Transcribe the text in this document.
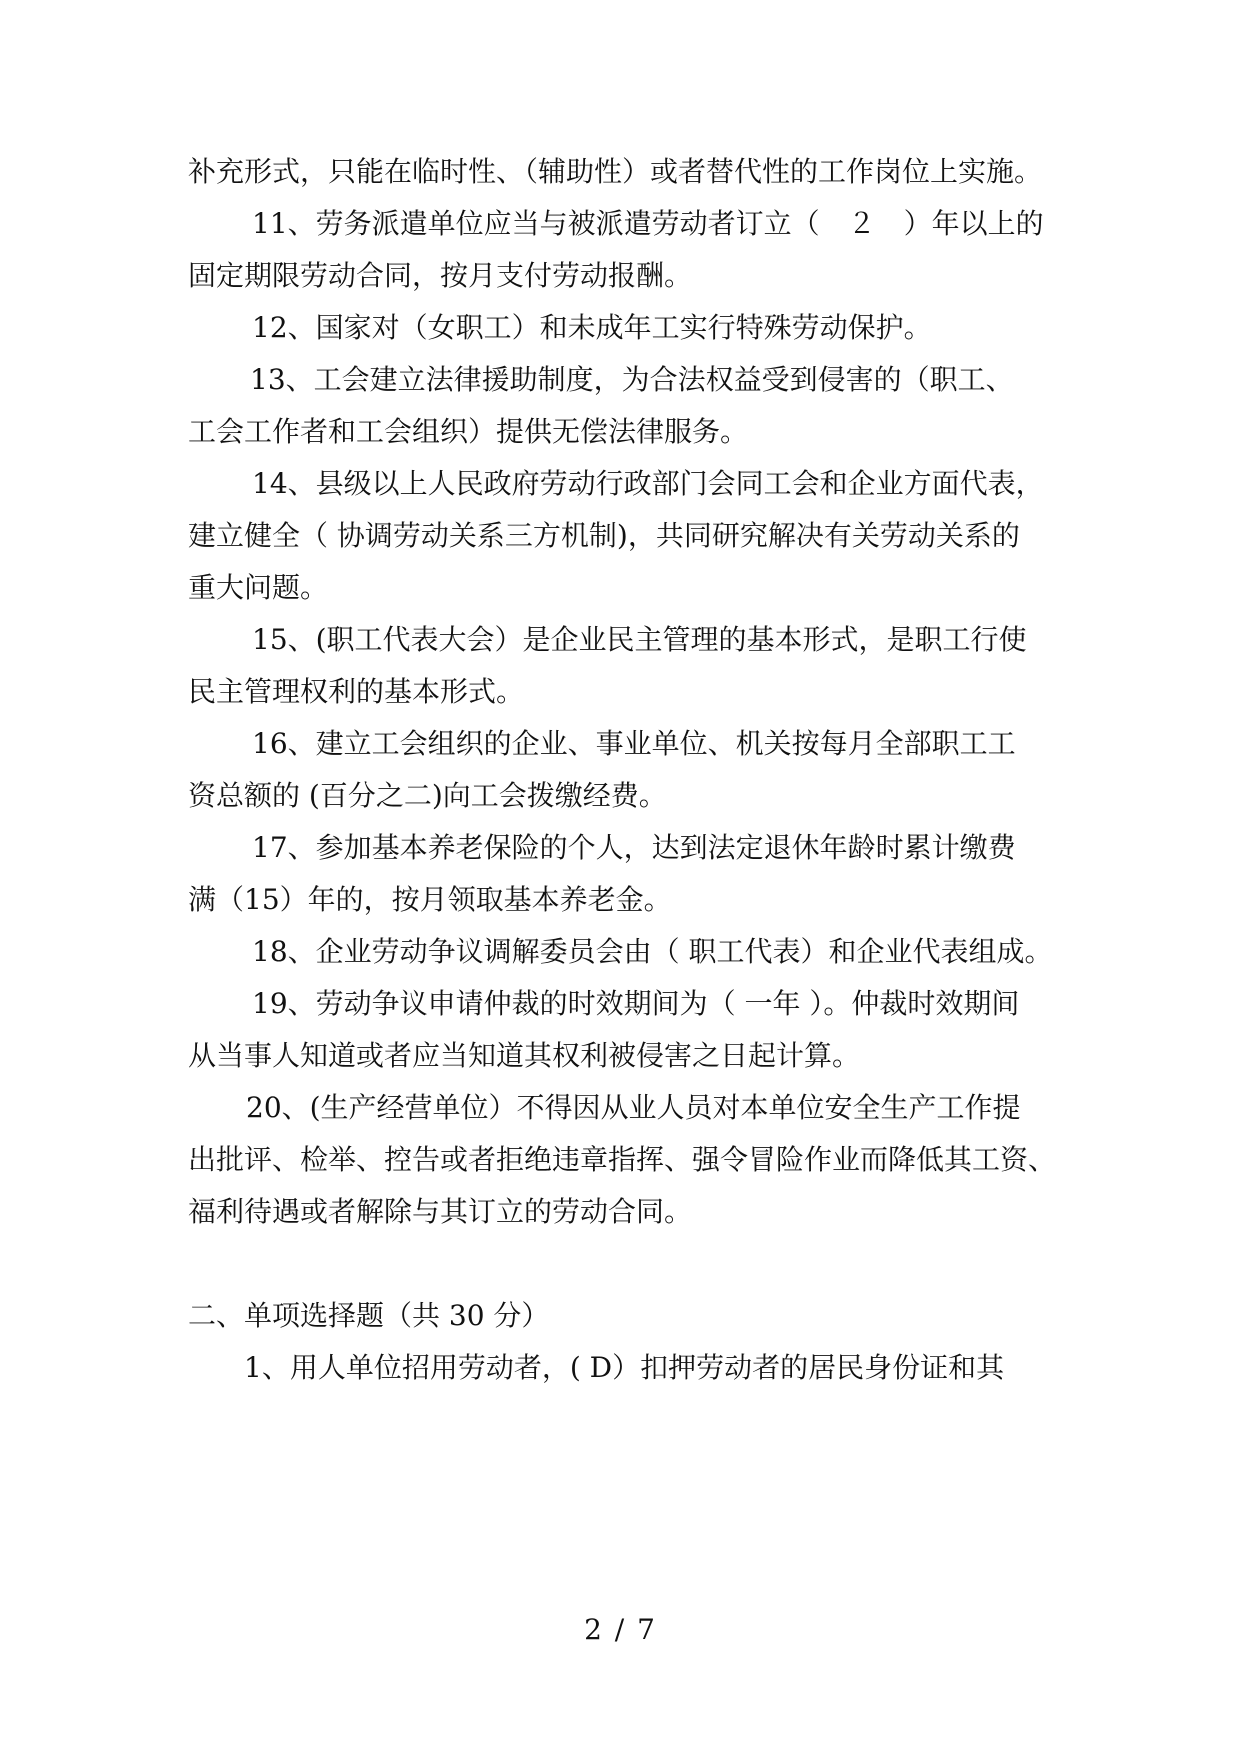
补充形式，只能在临时性、（辅助性）或者替代性的工作岗位上实施。
11、劳务派遣单位应当与被派遣劳动者订立（　２　）年以上的
固定期限劳动合同，按月支付劳动报酬。
12、国家对（女职工）和未成年工实行特殊劳动保护。
13、工会建立法律援助制度，为合法权益受到侵害的（职工、
工会工作者和工会组织）提供无偿法律服务。
14、县级以上人民政府劳动行政部门会同工会和企业方面代表，
建立健全（ 协调劳动关系三方机制)，共同研究解决有关劳动关系的
重大问题。
15、(职工代表大会）是企业民主管理的基本形式，是职工行使
民主管理权利的基本形式。
16、建立工会组织的企业、事业单位、机关按每月全部职工工
资总额的 (百分之二)向工会拨缴经费。
17、参加基本养老保险的个人，达到法定退休年龄时累计缴费
满（15）年的，按月领取基本养老金。
18、企业劳动争议调解委员会由（ 职工代表）和企业代表组成。
19、劳动争议申请仲裁的时效期间为（ 一年 ）。仲裁时效期间
从当事人知道或者应当知道其权利被侵害之日起计算。
20、(生产经营单位）不得因从业人员对本单位安全生产工作提
出批评、检举、控告或者拒绝违章指挥、强令冒险作业而降低其工资、
福利待遇或者解除与其订立的劳动合同。
二、单项选择题（共 30 分）
1、用人单位招用劳动者，( D）扣押劳动者的居民身份证和其
2 / 7
